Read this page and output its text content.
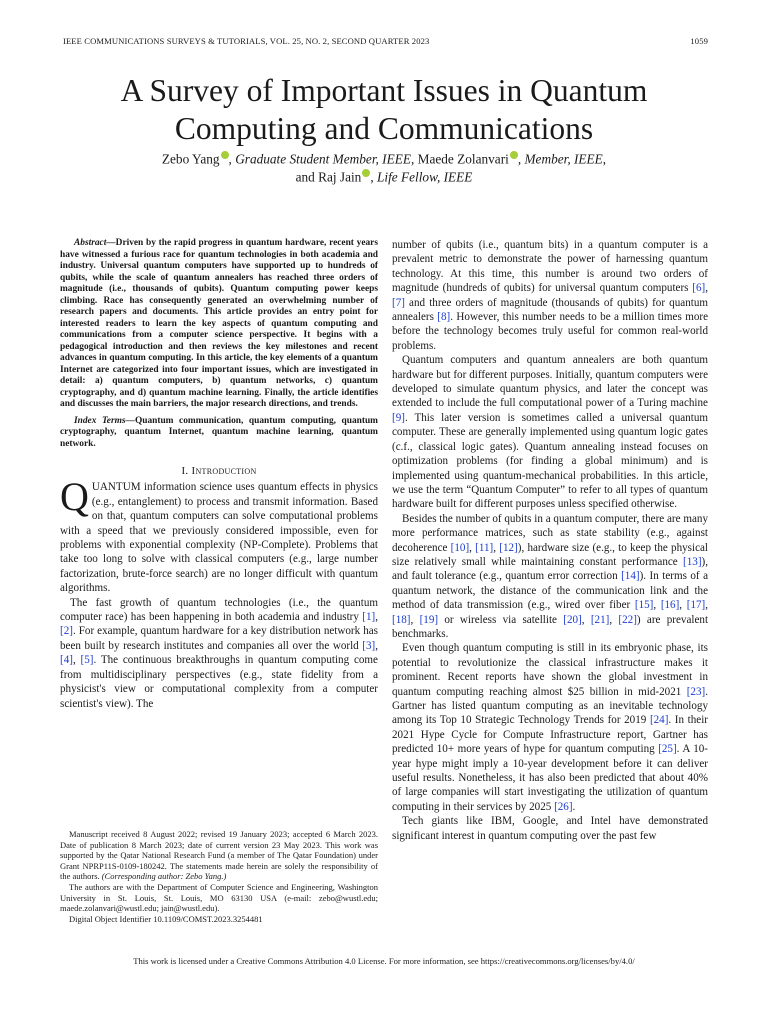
IEEE COMMUNICATIONS SURVEYS & TUTORIALS, VOL. 25, NO. 2, SECOND QUARTER 2023	1059
A Survey of Important Issues in Quantum
Computing and Communications
Zebo Yang , Graduate Student Member, IEEE, Maede Zolanvari , Member, IEEE,
and Raj Jain , Life Fellow, IEEE

Abstract—Driven by the rapid progress in quantum hardware, recent years have witnessed a furious race for quantum technologies in both academia and industry. Universal quantum computers have supported up to hundreds of qubits, while the scale of quantum annealers has reached three orders of magnitude (i.e., thousands of qubits). Quantum computing power keeps climbing. Race has consequently generated an overwhelming number of research papers and documents. This article provides an entry point for interested readers to learn the key aspects of quantum computing and communications from a computer science perspective. It begins with a pedagogical introduction and then reviews the key milestones and recent advances in quantum computing. In this article, the key elements of a quantum Internet are categorized into four important issues, which are investigated in detail: a) quantum computers, b) quantum networks, c) quantum cryptography, and d) quantum machine learning. Finally, the article identifies and discusses the main barriers, the major research directions, and trends.

Index Terms—Quantum communication, quantum computing, quantum cryptography, quantum Internet, quantum machine learning, quantum network.

I. Introduction

QUANTUM information science uses quantum effects in physics (e.g., entanglement) to process and transmit information. Based on that, quantum computers can solve computational problems with a speed that we previously considered impossible, even for problems with exponential complexity (NP-Complete). Problems that take too long to solve with classical computers (e.g., large number factorization, brute-force search) are no longer difficult with quantum algorithms.

The fast growth of quantum technologies (i.e., the quantum computer race) has been happening in both academia and industry [1], [2]. For example, quantum hardware for a key distribution network has been built by research institutes and companies all over the world [3], [4], [5]. The continuous breakthroughs in quantum computing come from multidisciplinary perspectives (e.g., state fidelity from a physicist's view or computational complexity from a computer scientist's view). The

Manuscript received 8 August 2022; revised 19 January 2023; accepted 6 March 2023. Date of publication 8 March 2023; date of current version 23 May 2023. This work was supported by the Qatar National Research Fund (a member of The Qatar Foundation) under Grant NPRP11S-0109-180242. The statements made herein are solely the responsibility of the authors. (Corresponding author: Zebo Yang.)

The authors are with the Department of Computer Science and Engineering, Washington University in St. Louis, St. Louis, MO 63130 USA (e-mail: zebo@wustl.edu; maede.zolanvari@wustl.edu; jain@wustl.edu).

Digital Object Identifier 10.1109/COMST.2023.3254481

number of qubits (i.e., quantum bits) in a quantum computer is a prevalent metric to demonstrate the power of harnessing quantum technology. At this time, this number is around two orders of magnitude (hundreds of qubits) for universal quantum computers [6], [7] and three orders of magnitude (thousands of qubits) for quantum annealers [8]. However, this number needs to be a million times more before the technology becomes truly useful for common real-world problems.

Quantum computers and quantum annealers are both quantum hardware but for different purposes. Initially, quantum computers were developed to simulate quantum physics, and later the concept was extended to include the full computational power of a Turing machine [9]. This later version is sometimes called a universal quantum computer. These are generally implemented using quantum logic gates (c.f., classical logic gates). Quantum annealing instead focuses on optimization problems (for finding a global minimum) and is implemented using quantum-mechanical probabilities. In this article, we use the term “Quantum Computer” to refer to all types of quantum hardware built for different purposes unless specified otherwise.

Besides the number of qubits in a quantum computer, there are many more performance matrices, such as state stability (e.g., against decoherence [10], [11], [12]), hardware size (e.g., to keep the physical size relatively small while maintaining constant performance [13]), and fault tolerance (e.g., quantum error correction [14]). In terms of a quantum network, the distance of the communication link and the method of data transmission (e.g., wired over fiber [15], [16], [17], [18], [19] or wireless via satellite [20], [21], [22]) are prevalent benchmarks.

Even though quantum computing is still in its embryonic phase, its potential to revolutionize the classical infrastructure makes it prominent. Recent reports have shown the global investment in quantum computing reaching almost $25 billion in mid-2021 [23]. Gartner has listed quantum computing as an inevitable technology among its Top 10 Strategic Technology Trends for 2019 [24]. In their 2021 Hype Cycle for Compute Infrastructure report, Gartner has predicted 10+ more years of hype for quantum computing [25]. A 10-year hype might imply a 10-year development before it can deliver useful results. Nonetheless, it has also been predicted that about 40% of large companies will start investigating the utilization of quantum computing in their services by 2025 [26].

Tech giants like IBM, Google, and Intel have demonstrated significant interest in quantum computing over the past few

This work is licensed under a Creative Commons Attribution 4.0 License. For more information, see https://creativecommons.org/licenses/by/4.0/
